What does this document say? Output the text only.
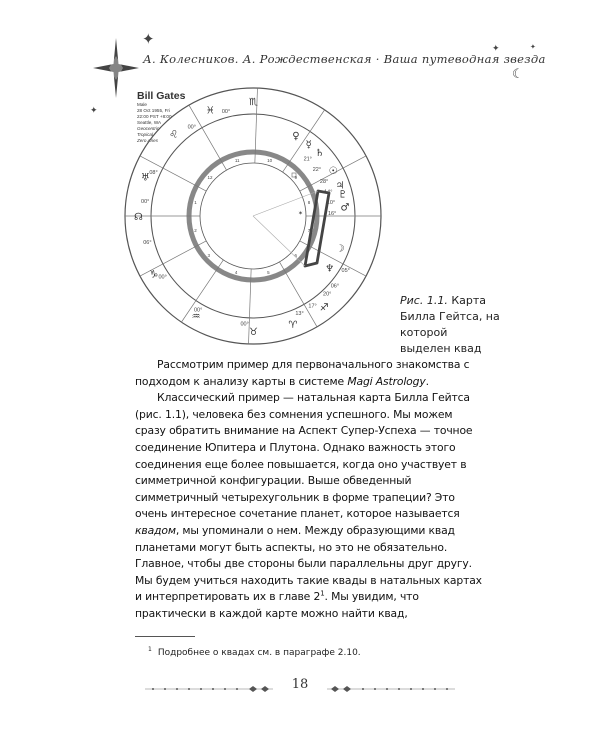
✦
✦
✦	✦
☾
А. Колесников. А. Рождественская · Ваша путеводная звезда
Bill Gates
Male
28 Oct 1955, Fri
22:00 PST +8:00
Seattle, WA
Geocentric
Tropical
Zero Aries
1
2
3
4	5
6
7
8
9
10
11
12
♏
♓
♌	♀
☿
♄
☉
♃
♇
♂
☽
♆
♐
♈
♉
♒
♑
☊
♅
00°
00°
08°
00°
06°
00°
00°
00°
14°
10°
16°
28°
22°
21°
05°
06°
20°
17°
13°
✶
Рис. 1.1. Карта Билла Гейтса, на которой выделен квад

Рассмотрим пример для первоначального знакомства с подходом к анализу карты в системе Magi Astrology.

Классический пример — натальная карта Билла Гейтса (рис. 1.1), человека без сомнения успешного. Мы можем сразу обратить внимание на Аспект Супер-Успеха — точное соединение Юпитера и Плутона. Однако важность этого соединения еще более повышается, когда оно участвует в симметричной конфигурации. Выше обведенный симметричный четырехугольник в форме трапеции? Это очень интересное сочетание планет, которое называется квадом, мы упоминали о нем. Между образующими квад планетами могут быть аспекты, но это не обязательно. Главное, чтобы две стороны были параллельны друг другу. Мы будем учиться находить такие квады в натальных картах и интерпретировать их в главе 2$^1$. Мы увидим, что практически в каждой карте можно найти квад,

$^1$ Подробнее о квадах см. в параграфе 2.10.
18
